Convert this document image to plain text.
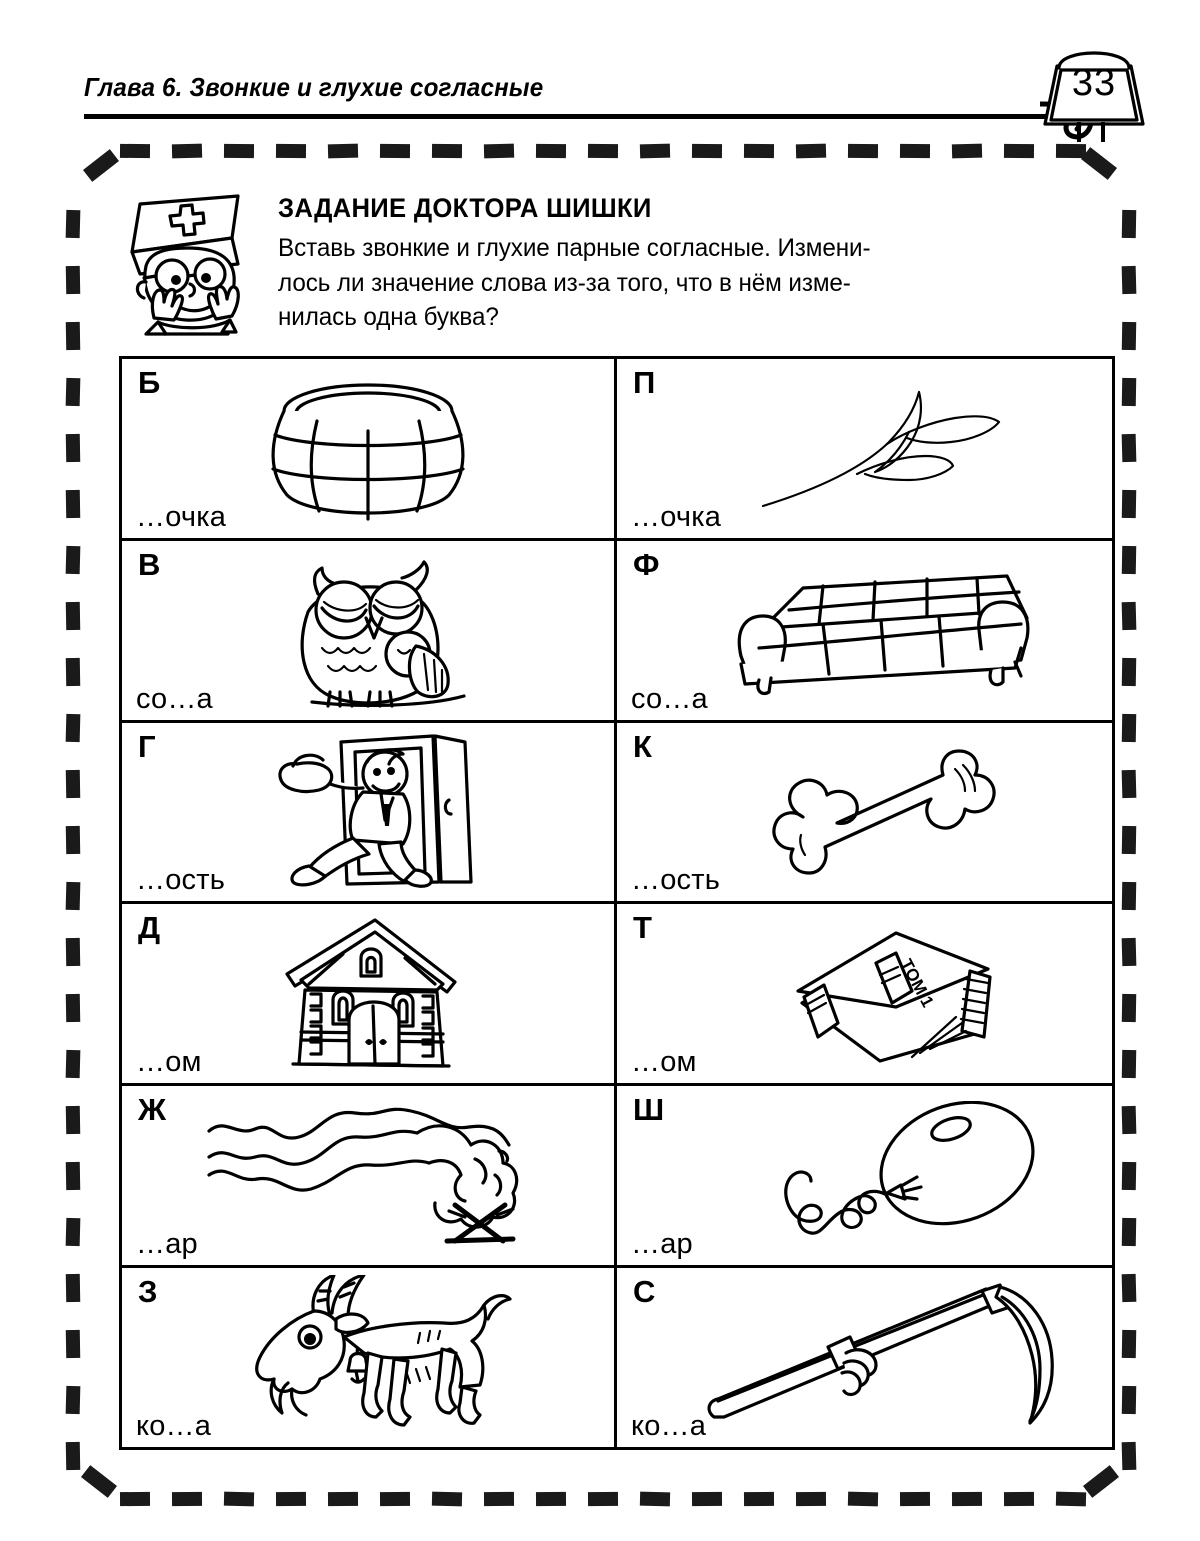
Глава 6. Звонкие и глухие согласные	33
ЗАДАНИЕ ДОКТОРА ШИШКИ
Вставь звонкие и глухие парные согласные. Измени-
лось ли значение слова из-за того, что в нём изме-
нилась одна буква?
Б
…очка
П
…очка
В
со…а
Ф
со…а
Г
…ость
К
…ость
Д
…ом
Т
ТОМ 1
…ом
Ж
…ар
Ш
…ар
З
ко…а
С
ко…а
